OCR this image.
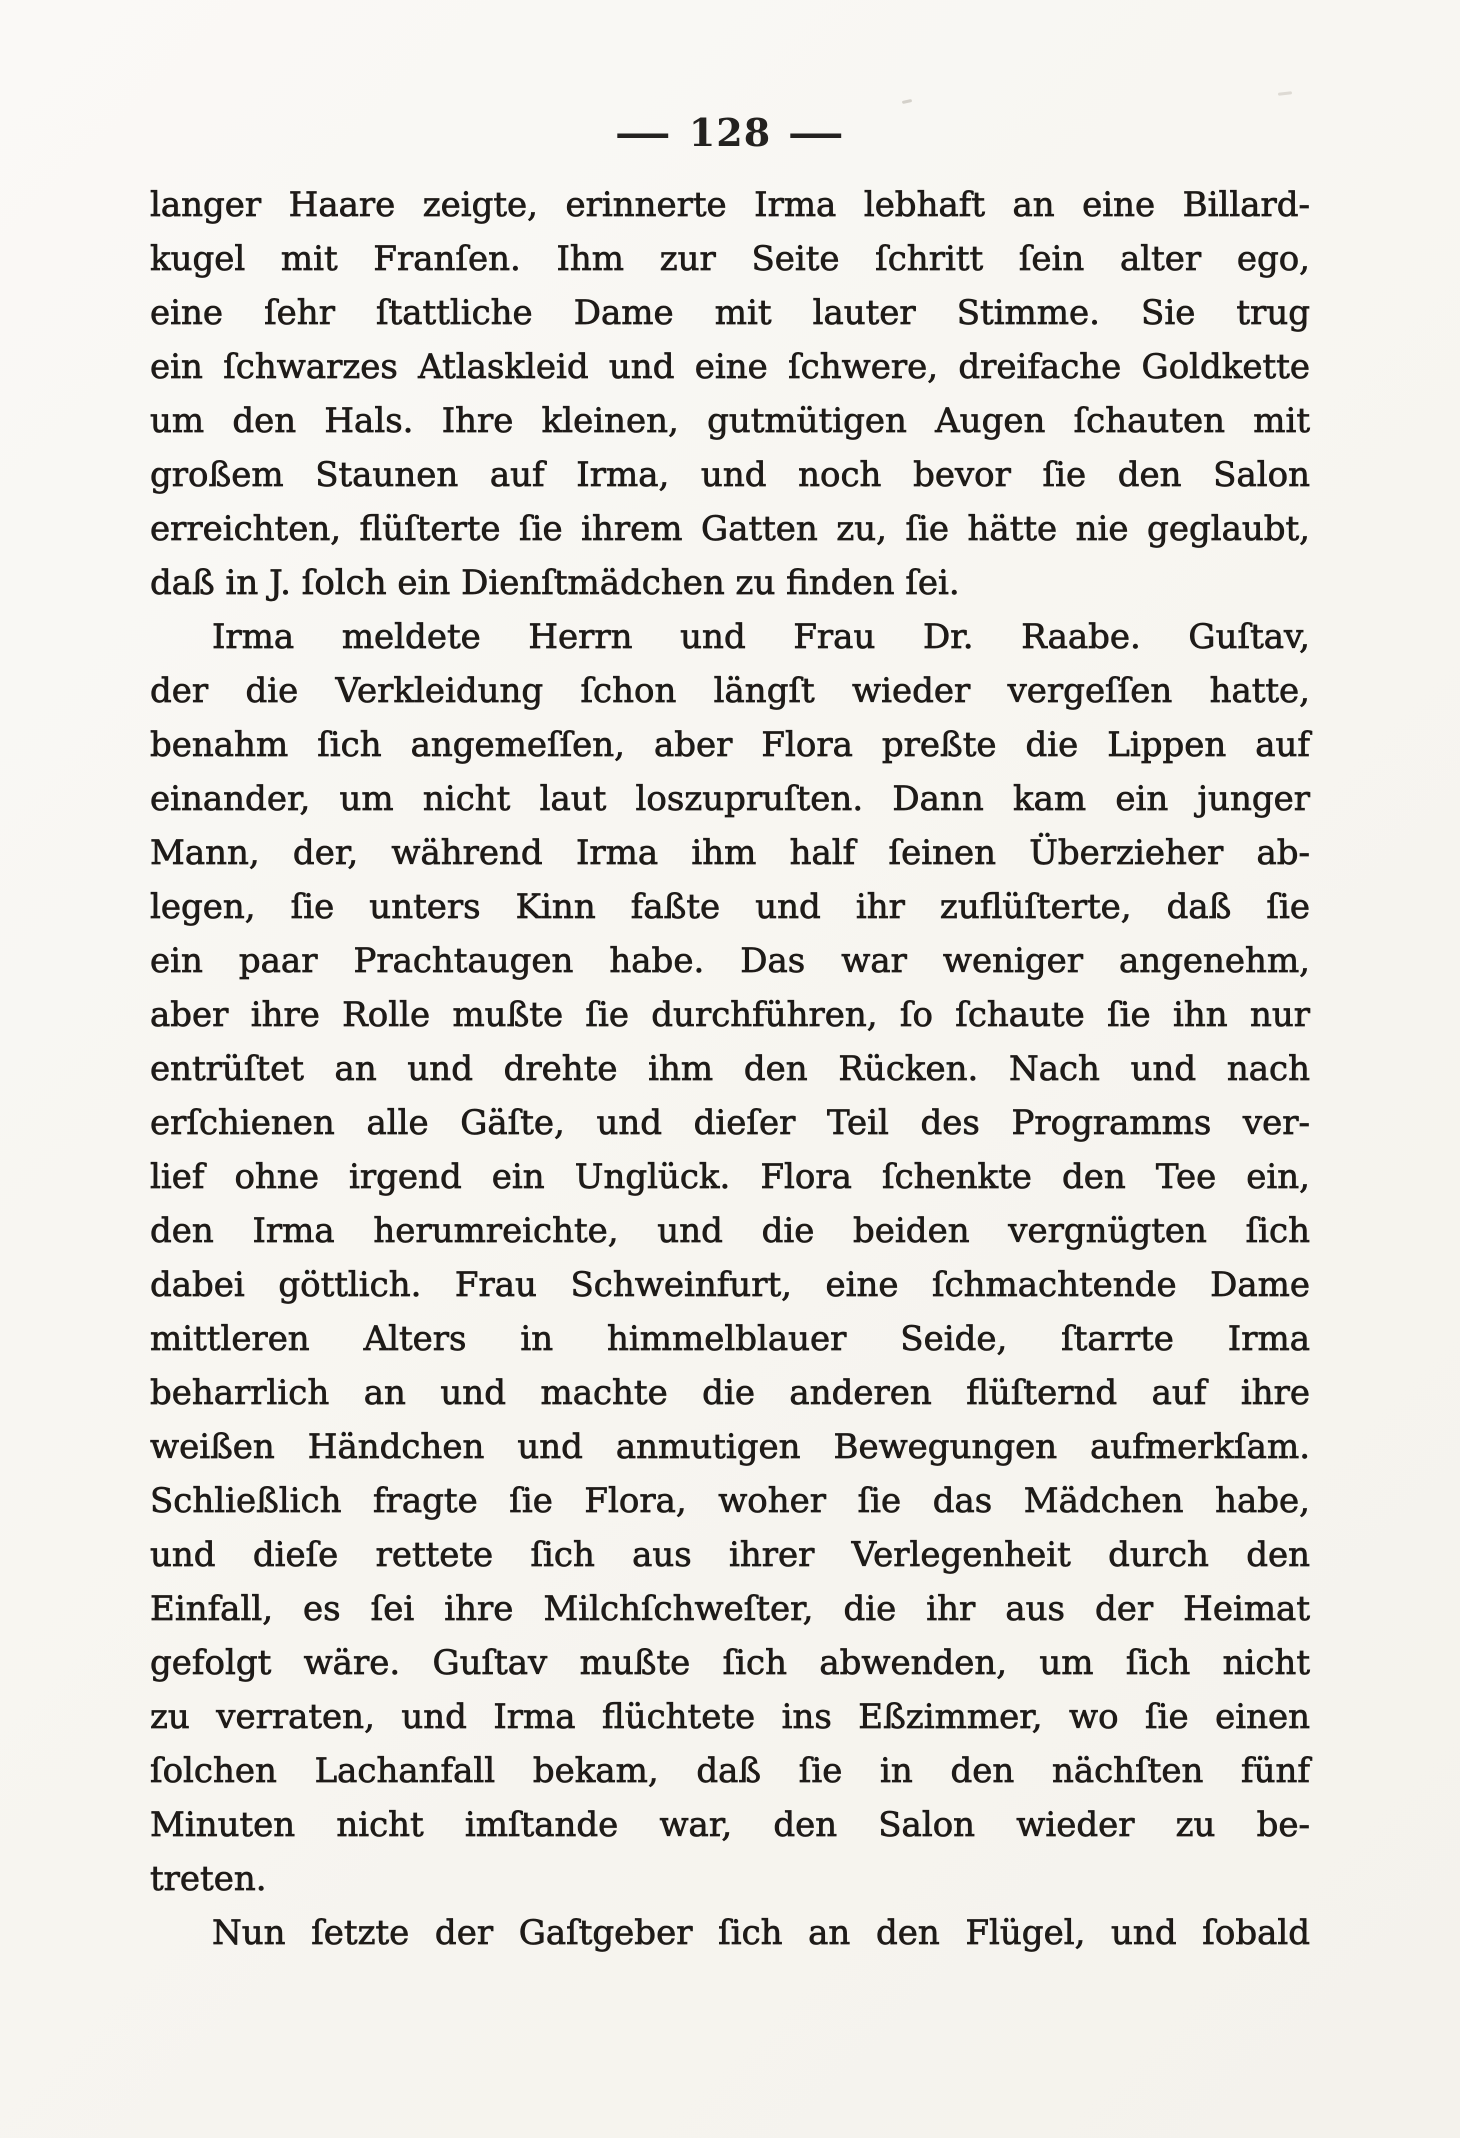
— 128 —
langer Haare zeigte, erinnerte Irma lebhaft an eine Billard-
kugel mit Franſen. Ihm zur Seite ſchritt ſein alter ego,
eine ſehr ſtattliche Dame mit lauter Stimme. Sie trug
ein ſchwarzes Atlaskleid und eine ſchwere, dreifache Goldkette
um den Hals. Ihre kleinen, gutmütigen Augen ſchauten mit
großem Staunen auf Irma, und noch bevor ſie den Salon
erreichten, flüſterte ſie ihrem Gatten zu, ſie hätte nie geglaubt,
daß in J. ſolch ein Dienſtmädchen zu finden ſei.
Irma meldete Herrn und Frau Dr. Raabe. Guſtav,
der die Verkleidung ſchon längſt wieder vergeſſen hatte,
benahm ſich angemeſſen, aber Flora preßte die Lippen auf
einander, um nicht laut loszupruſten. Dann kam ein junger
Mann, der, während Irma ihm half ſeinen Überzieher ab-
legen, ſie unters Kinn faßte und ihr zuflüſterte, daß ſie
ein paar Prachtaugen habe. Das war weniger angenehm,
aber ihre Rolle mußte ſie durchführen, ſo ſchaute ſie ihn nur
entrüſtet an und drehte ihm den Rücken. Nach und nach
erſchienen alle Gäſte, und dieſer Teil des Programms ver-
lief ohne irgend ein Unglück. Flora ſchenkte den Tee ein,
den Irma herumreichte, und die beiden vergnügten ſich
dabei göttlich. Frau Schweinfurt, eine ſchmachtende Dame
mittleren Alters in himmelblauer Seide, ſtarrte Irma
beharrlich an und machte die anderen flüſternd auf ihre
weißen Händchen und anmutigen Bewegungen aufmerkſam.
Schließlich fragte ſie Flora, woher ſie das Mädchen habe,
und dieſe rettete ſich aus ihrer Verlegenheit durch den
Einfall, es ſei ihre Milchſchweſter, die ihr aus der Heimat
gefolgt wäre. Guſtav mußte ſich abwenden, um ſich nicht
zu verraten, und Irma flüchtete ins Eßzimmer, wo ſie einen
ſolchen Lachanfall bekam, daß ſie in den nächſten fünf
Minuten nicht imſtande war, den Salon wieder zu be-
treten.
Nun ſetzte der Gaſtgeber ſich an den Flügel, und ſobald
